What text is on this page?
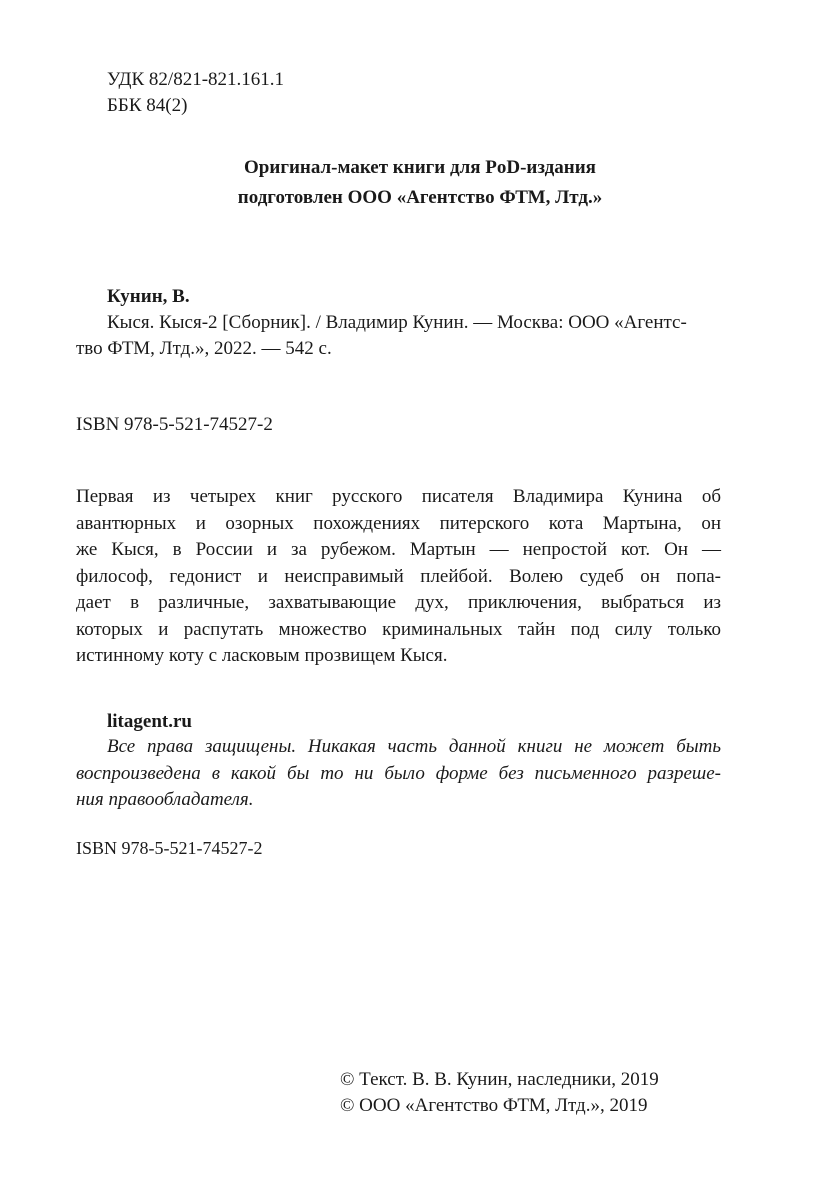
УДК 82/821-821.161.1
ББК 84(2)
Оригинал-макет книги для PoD-издания
подготовлен ООО «Агентство ФТМ, Лтд.»
Кунин, В.
Кыся. Кыся-2 [Сборник]. / Владимир Кунин. — Москва: ООО «Агентс-
тво ФТМ, Лтд.», 2022. — 542 с.
ISBN 978-5-521-74527-2
Первая из четырех книг русского писателя Владимира Кунина об
авантюрных и озорных похождениях питерского кота Мартына, он
же Кыся, в России и за рубежом. Мартын — непростой кот. Он —
философ, гедонист и неисправимый плейбой. Волею судеб он попа-
дает в различные, захватывающие дух, приключения, выбраться из
которых и распутать множество криминальных тайн под силу только
истинному коту с ласковым прозвищем Кыся.
litagent.ru
Все права защищены. Никакая часть данной книги не может быть
воспроизведена в какой бы то ни было форме без письменного разреше-
ния правообладателя.
ISBN 978-5-521-74527-2
© Текст. В. В. Кунин, наследники, 2019
© ООО «Агентство ФТМ, Лтд.», 2019
